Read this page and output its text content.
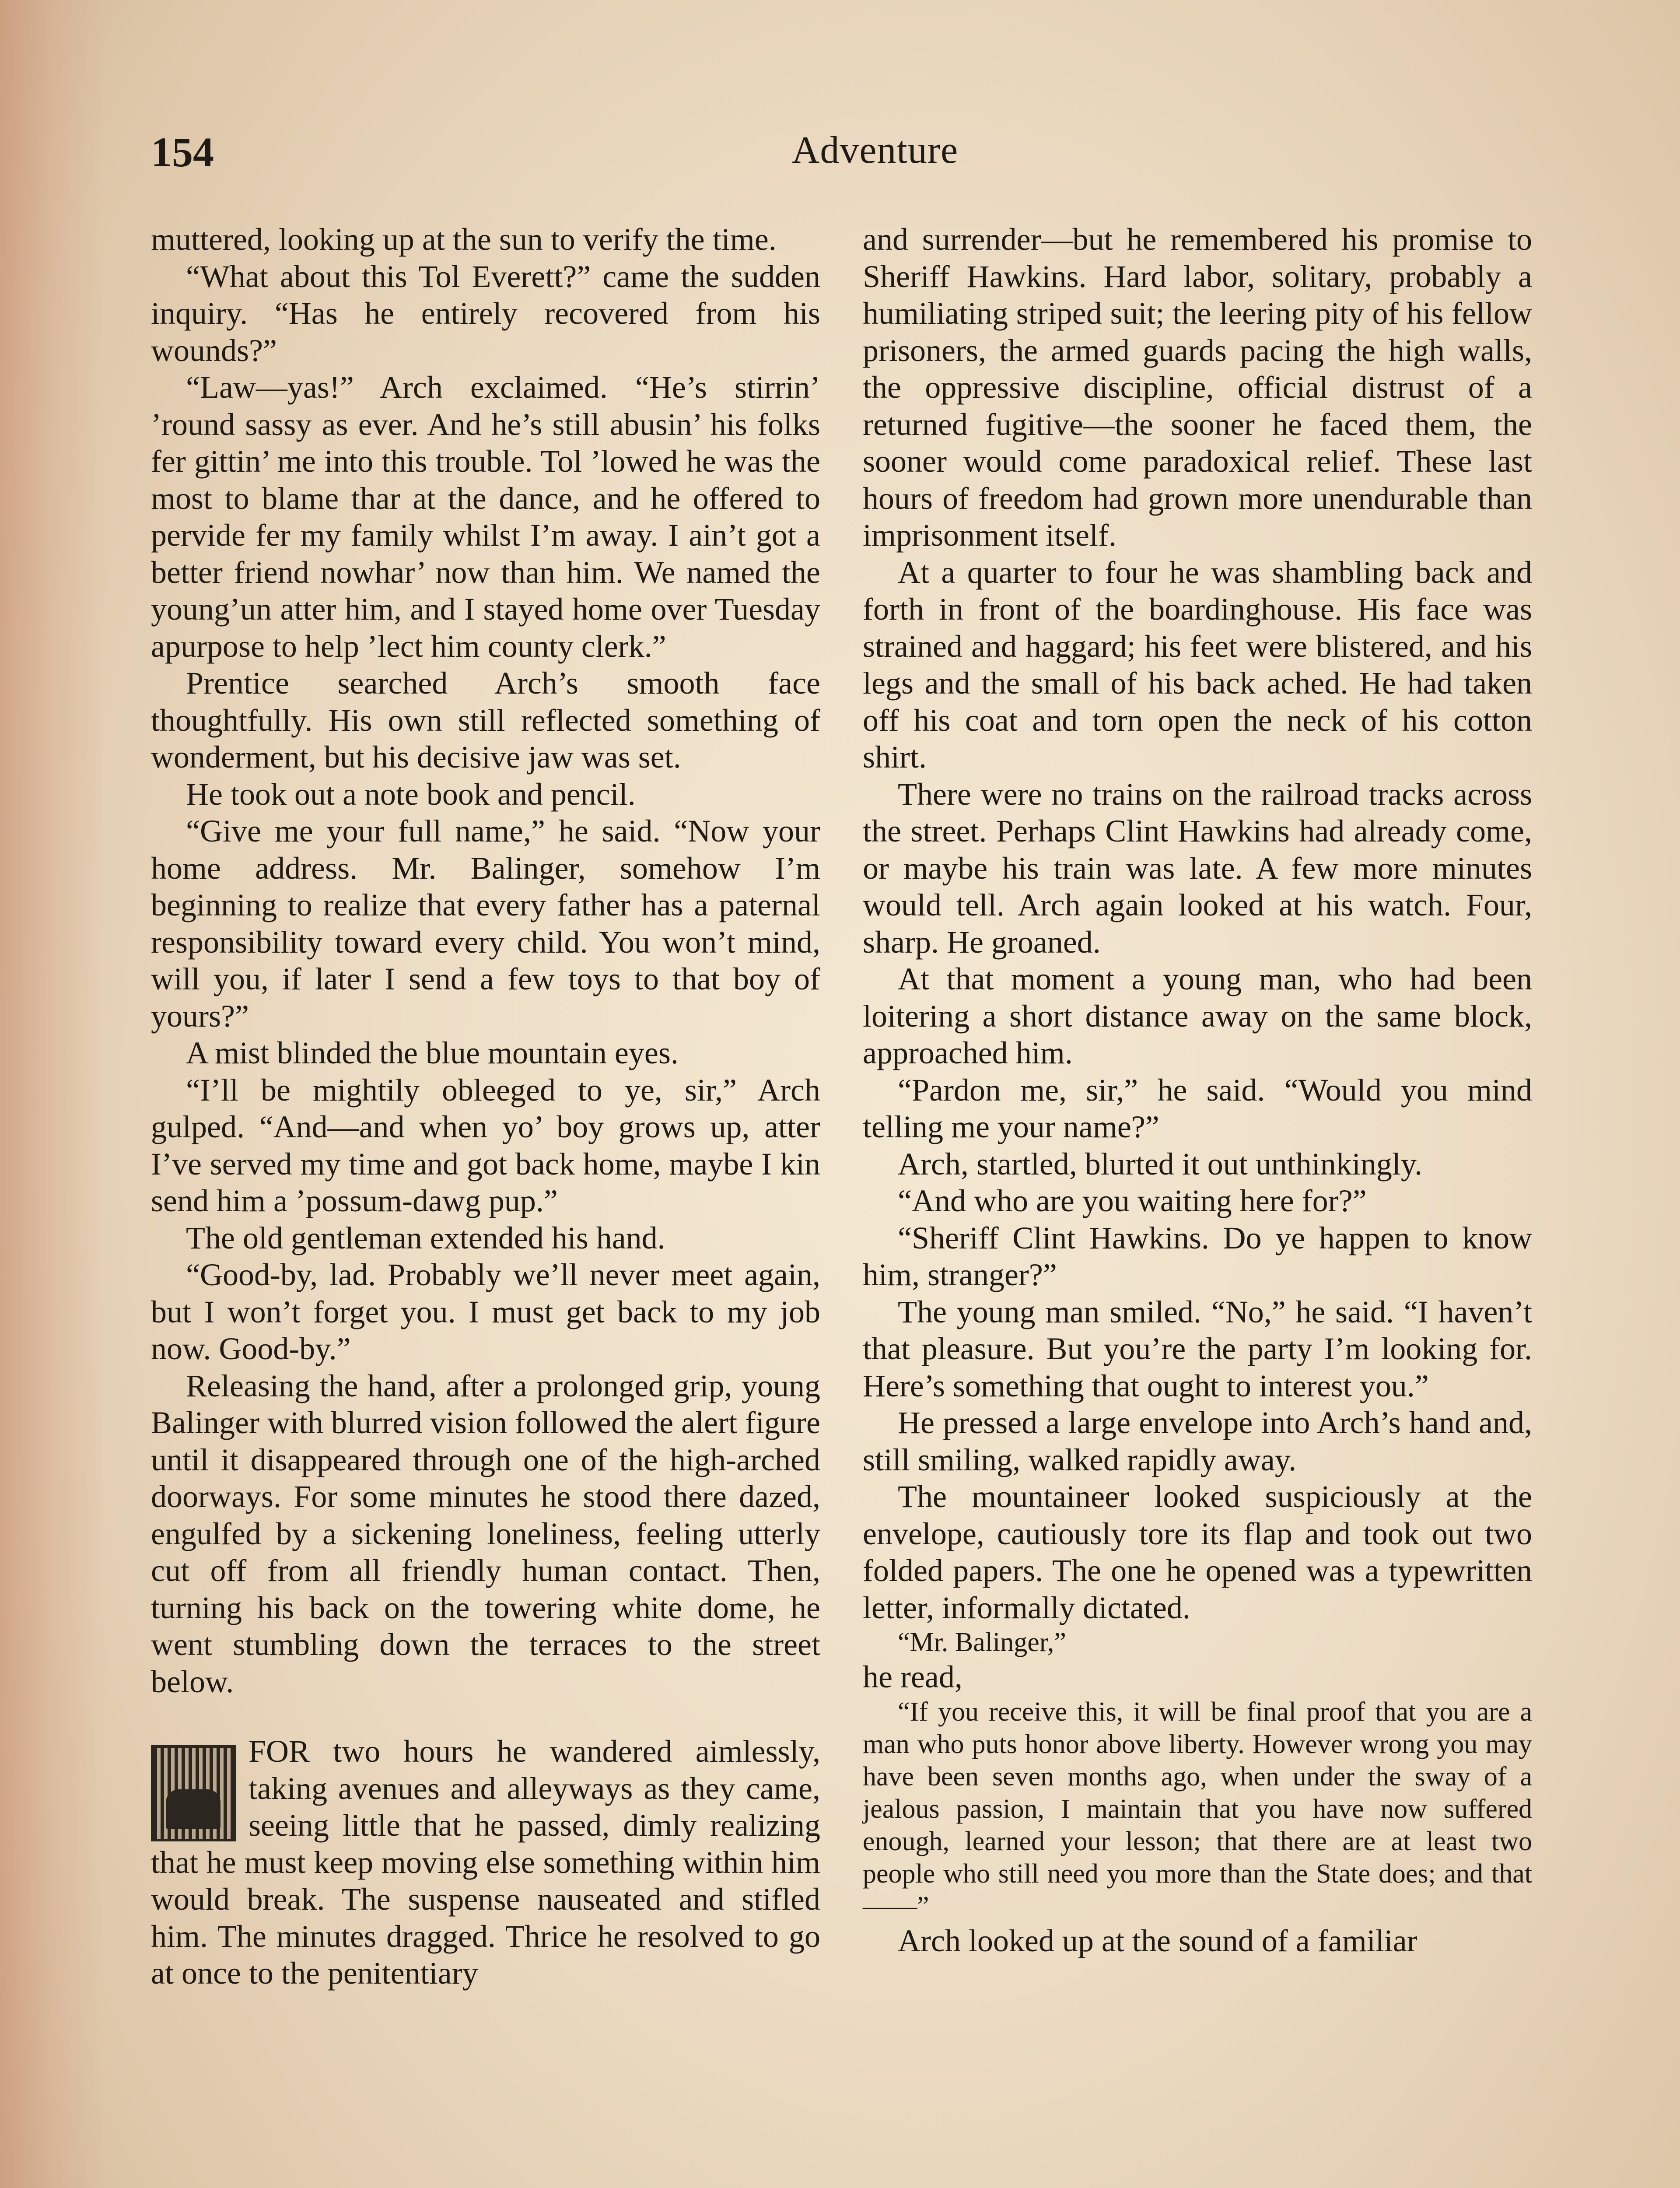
154	Adventure

muttered, looking up at the sun to verify the time.

“What about this Tol Everett?” came the sudden inquiry. “Has he entirely recovered from his wounds?”

“Law—yas!” Arch exclaimed. “He’s stirrin’ ’round sassy as ever. And he’s still abusin’ his folks fer gittin’ me into this trouble. Tol ’lowed he was the most to blame thar at the dance, and he offered to pervide fer my family whilst I’m away. I ain’t got a better friend nowhar’ now than him. We named the young’un atter him, and I stayed home over Tuesday apurpose to help ’lect him county clerk.”

Prentice searched Arch’s smooth face thoughtfully. His own still reflected something of wonderment, but his decisive jaw was set.

He took out a note book and pencil.

“Give me your full name,” he said. “Now your home address. Mr. Balinger, somehow I’m beginning to realize that every father has a paternal responsibility toward every child. You won’t mind, will you, if later I send a few toys to that boy of yours?”

A mist blinded the blue mountain eyes.

“I’ll be mightily obleeged to ye, sir,” Arch gulped. “And—and when yo’ boy grows up, atter I’ve served my time and got back home, maybe I kin send him a ’possum-dawg pup.”

The old gentleman extended his hand.

“Good-by, lad. Probably we’ll never meet again, but I won’t forget you. I must get back to my job now. Good-by.”

Releasing the hand, after a prolonged grip, young Balinger with blurred vision followed the alert figure until it disappeared through one of the high-arched doorways. For some minutes he stood there dazed, engulfed by a sickening loneliness, feeling utterly cut off from all friendly human contact. Then, turning his back on the towering white dome, he went stumbling down the terraces to the street below.

FOR two hours he wandered aimlessly, taking avenues and alleyways as they came, seeing little that he passed, dimly realizing that he must keep moving else something within him would break. The suspense nauseated and stifled him. The minutes dragged. Thrice he resolved to go at once to the penitentiary

and surrender—but he remembered his promise to Sheriff Hawkins. Hard labor, solitary, probably a humiliating striped suit; the leering pity of his fellow prisoners, the armed guards pacing the high walls, the oppressive discipline, official distrust of a returned fugitive—the sooner he faced them, the sooner would come paradoxical relief. These last hours of freedom had grown more unendurable than imprisonment itself.

At a quarter to four he was shambling back and forth in front of the boardinghouse. His face was strained and haggard; his feet were blistered, and his legs and the small of his back ached. He had taken off his coat and torn open the neck of his cotton shirt.

There were no trains on the railroad tracks across the street. Perhaps Clint Hawkins had already come, or maybe his train was late. A few more minutes would tell. Arch again looked at his watch. Four, sharp. He groaned.

At that moment a young man, who had been loitering a short distance away on the same block, approached him.

“Pardon me, sir,” he said. “Would you mind telling me your name?”

Arch, startled, blurted it out unthinkingly.

“And who are you waiting here for?”

“Sheriff Clint Hawkins. Do ye happen to know him, stranger?”

The young man smiled. “No,” he said. “I haven’t that pleasure. But you’re the party I’m looking for. Here’s something that ought to interest you.”

He pressed a large envelope into Arch’s hand and, still smiling, walked rapidly away.

The mountaineer looked suspiciously at the envelope, cautiously tore its flap and took out two folded papers. The one he opened was a typewritten letter, informally dictated.

“Mr. Balinger,”

he read,

“If you receive this, it will be final proof that you are a man who puts honor above liberty. However wrong you may have been seven months ago, when under the sway of a jealous passion, I maintain that you have now suffered enough, learned your lesson; that there are at least two people who still need you more than the State does; and that——”

Arch looked up at the sound of a familiar
